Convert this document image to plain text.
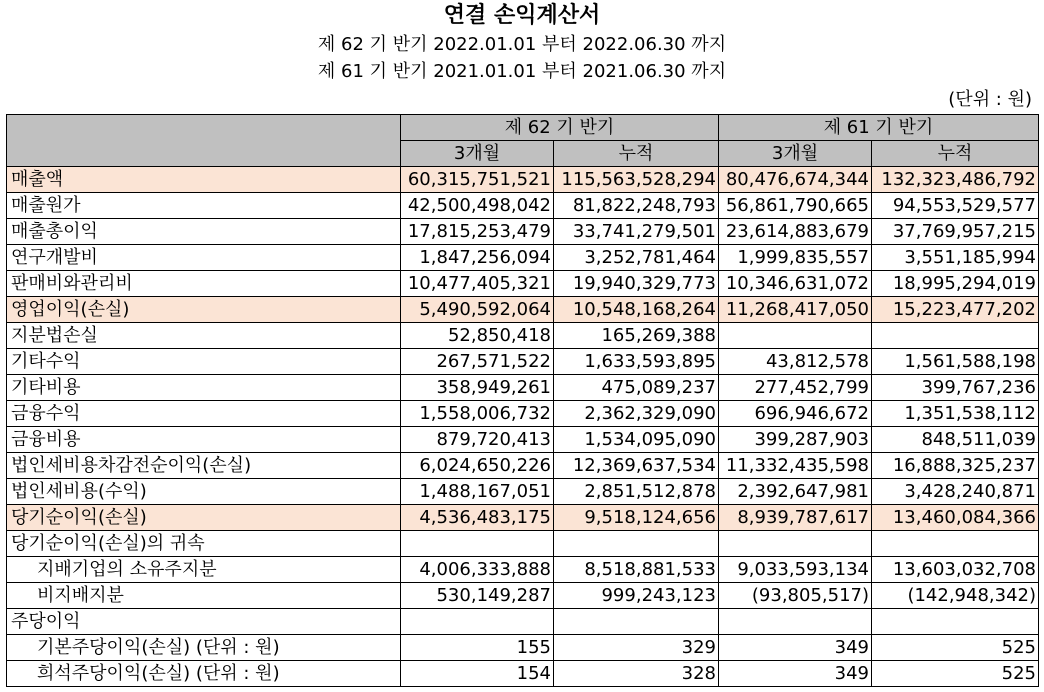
연결 손익계산서
제 62 기 반기 2022.01.01 부터 2022.06.30 까지
제 61 기 반기 2021.01.01 부터 2021.06.30 까지
(단위 : 원)
	제 62 기 반기		제 61 기 반기	
	3개월	누적	3개월	누적
매출액	60,315,751,521	115,563,528,294	80,476,674,344	132,323,486,792
매출원가	42,500,498,042	81,822,248,793	56,861,790,665	94,553,529,577
매출총이익	17,815,253,479	33,741,279,501	23,614,883,679	37,769,957,215
연구개발비	1,847,256,094	3,252,781,464	1,999,835,557	3,551,185,994
판매비와관리비	10,477,405,321	19,940,329,773	10,346,631,072	18,995,294,019
영업이익(손실)	5,490,592,064	10,548,168,264	11,268,417,050	15,223,477,202
지분법손실	52,850,418	165,269,388		
기타수익	267,571,522	1,633,593,895	43,812,578	1,561,588,198
기타비용	358,949,261	475,089,237	277,452,799	399,767,236
금융수익	1,558,006,732	2,362,329,090	696,946,672	1,351,538,112
금융비용	879,720,413	1,534,095,090	399,287,903	848,511,039
법인세비용차감전순이익(손실)	6,024,650,226	12,369,637,534	11,332,435,598	16,888,325,237
법인세비용(수익)	1,488,167,051	2,851,512,878	2,392,647,981	3,428,240,871
당기순이익(손실)	4,536,483,175	9,518,124,656	8,939,787,617	13,460,084,366
당기순이익(손실)의 귀속				
지배기업의 소유주지분	4,006,333,888	8,518,881,533	9,033,593,134	13,603,032,708
비지배지분	530,149,287	999,243,123	(93,805,517)	(142,948,342)
주당이익				
기본주당이익(손실) (단위 : 원)	155	329	349	525
희석주당이익(손실) (단위 : 원)	154	328	349	525
